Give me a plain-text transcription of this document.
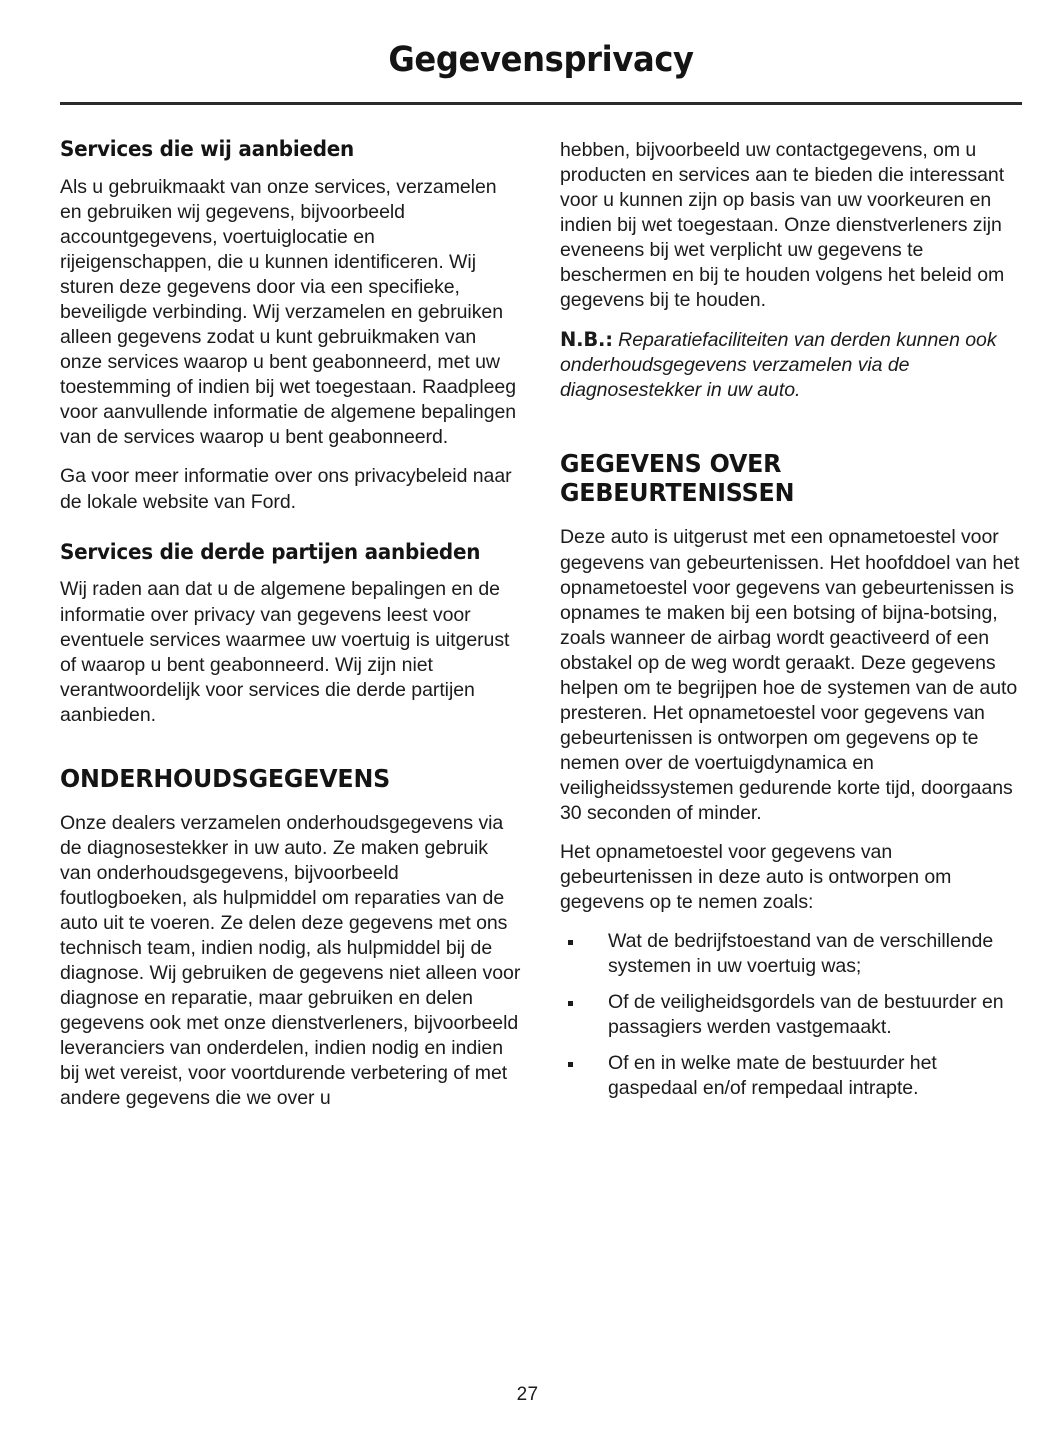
Gegevensprivacy
Services die wij aanbieden

Als u gebruikmaakt van onze services, verzamelen en gebruiken wij gegevens, bijvoorbeeld accountgegevens, voertuiglocatie en rijeigenschappen, die u kunnen identificeren. Wij sturen deze gegevens door via een specifieke, beveiligde verbinding. Wij verzamelen en gebruiken alleen gegevens zodat u kunt gebruikmaken van onze services waarop u bent geabonneerd, met uw toestemming of indien bij wet toegestaan. Raadpleeg voor aanvullende informatie de algemene bepalingen van de services waarop u bent geabonneerd.

Ga voor meer informatie over ons privacybeleid naar de lokale website van Ford.

Services die derde partijen aanbieden

Wij raden aan dat u de algemene bepalingen en de informatie over privacy van gegevens leest voor eventuele services waarmee uw voertuig is uitgerust of waarop u bent geabonneerd. Wij zijn niet verantwoordelijk voor services die derde partijen aanbieden.

ONDERHOUDSGEGEVENS

Onze dealers verzamelen onderhoudsgegevens via de diagnosestekker in uw auto. Ze maken gebruik van onderhoudsgegevens, bijvoorbeeld foutlogboeken, als hulpmiddel om reparaties van de auto uit te voeren. Ze delen deze gegevens met ons technisch team, indien nodig, als hulpmiddel bij de diagnose. Wij gebruiken de gegevens niet alleen voor diagnose en reparatie, maar gebruiken en delen gegevens ook met onze dienstverleners, bijvoorbeeld leveranciers van onderdelen, indien nodig en indien bij wet vereist, voor voortdurende verbetering of met andere gegevens die we over u

hebben, bijvoorbeeld uw contactgegevens, om u producten en services aan te bieden die interessant voor u kunnen zijn op basis van uw voorkeuren en indien bij wet toegestaan. Onze dienstverleners zijn eveneens bij wet verplicht uw gegevens te beschermen en bij te houden volgens het beleid om gegevens bij te houden.

N.B.: Reparatiefaciliteiten van derden kunnen ook onderhoudsgegevens verzamelen via de diagnosestekker in uw auto.

GEGEVENS OVER GEBEURTENISSEN

Deze auto is uitgerust met een opnametoestel voor gegevens van gebeurtenissen. Het hoofddoel van het opnametoestel voor gegevens van gebeurtenissen is opnames te maken bij een botsing of bijna-botsing, zoals wanneer de airbag wordt geactiveerd of een obstakel op de weg wordt geraakt. Deze gegevens helpen om te begrijpen hoe de systemen van de auto presteren. Het opnametoestel voor gegevens van gebeurtenissen is ontworpen om gegevens op te nemen over de voertuigdynamica en veiligheidssystemen gedurende korte tijd, doorgaans 30 seconden of minder.

Het opnametoestel voor gegevens van gebeurtenissen in deze auto is ontworpen om gegevens op te nemen zoals:

Wat de bedrijfstoestand van de verschillende systemen in uw voertuig was;
Of de veiligheidsgordels van de bestuurder en passagiers werden vastgemaakt.
Of en in welke mate de bestuurder het gaspedaal en/of rempedaal intrapte.
27
